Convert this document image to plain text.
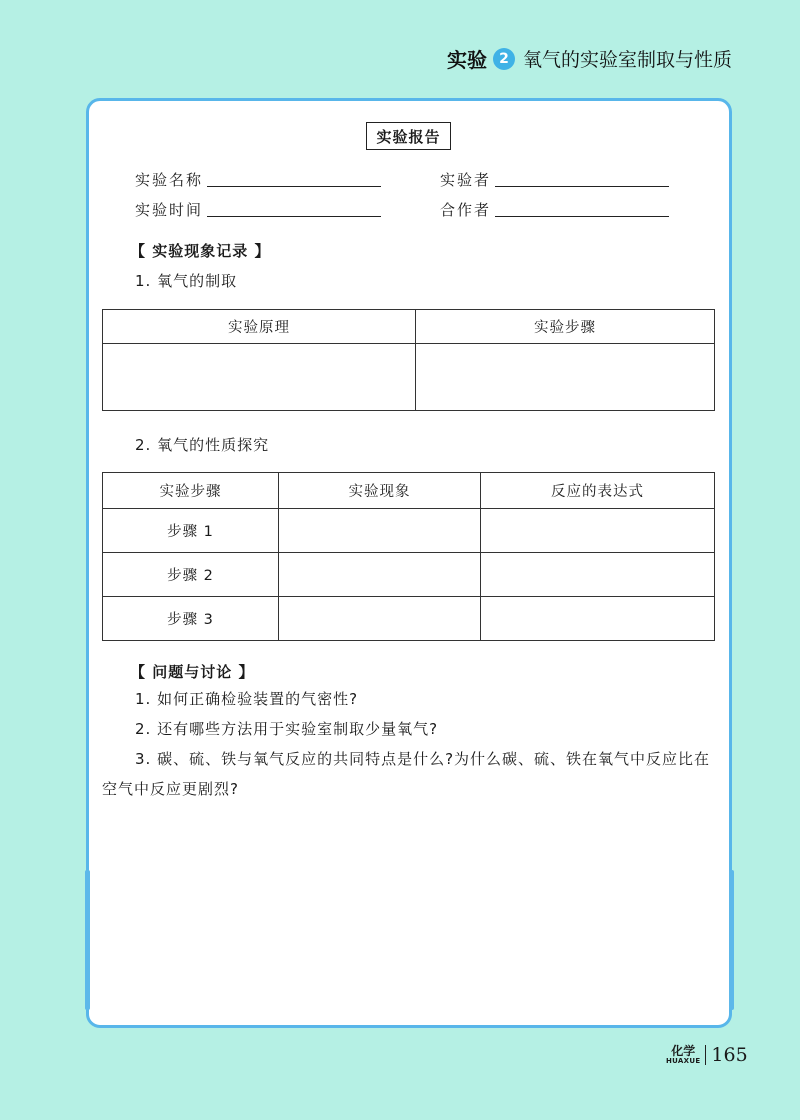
实验 2 氧气的实验室制取与性质
实验报告
实验名称	实验者
实验时间	合作者
【 实验现象记录 】
1. 氧气的制取
实验原理	实验步骤

2. 氧气的性质探究
实验步骤	实验现象	反应的表达式
步骤 1		
步骤 2		
步骤 3		
【 问题与讨论 】
1. 如何正确检验装置的气密性?
2. 还有哪些方法用于实验室制取少量氧气?
3. 碳、硫、铁与氧气反应的共同特点是什么?为什么碳、硫、铁在氧气中反应比在空气中反应更剧烈?
化学
HUAXUE 165
